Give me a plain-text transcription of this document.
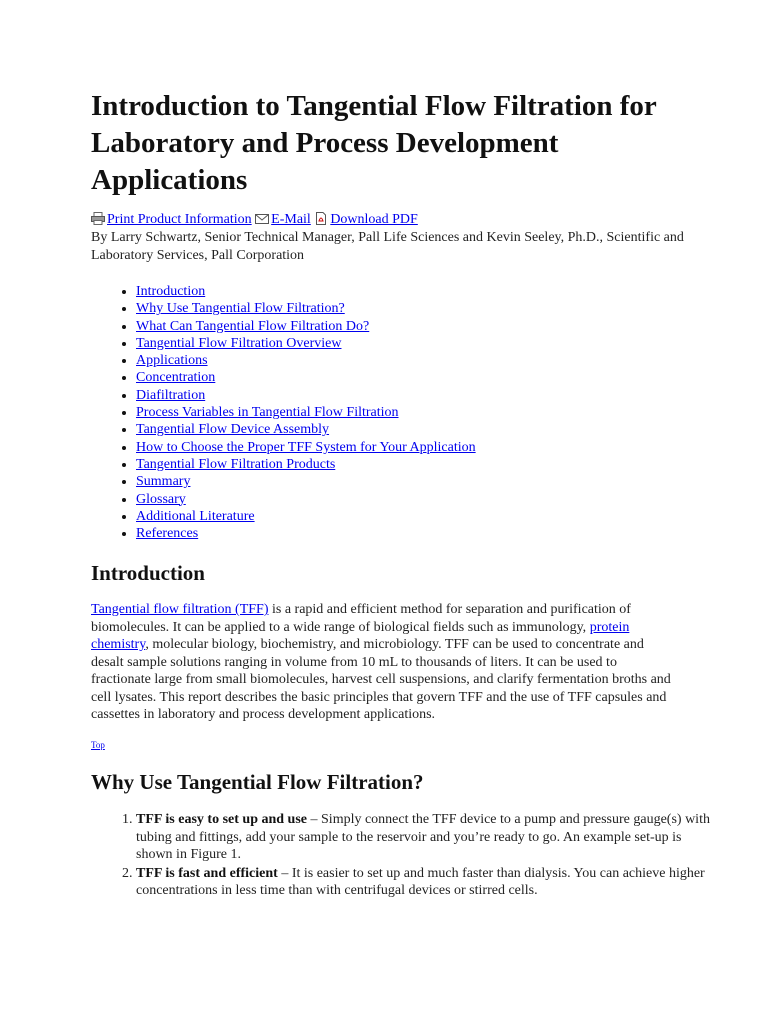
Introduction to Tangential Flow Filtration for Laboratory and Process Development Applications
Print Product Information E-Mail Download PDF

By Larry Schwartz, Senior Technical Manager, Pall Life Sciences and Kevin Seeley, Ph.D., Scientific and Laboratory Services, Pall Corporation

• Introduction
• Why Use Tangential Flow Filtration?
• What Can Tangential Flow Filtration Do?
• Tangential Flow Filtration Overview
• Applications
• Concentration
• Diafiltration
• Process Variables in Tangential Flow Filtration
• Tangential Flow Device Assembly
• How to Choose the Proper TFF System for Your Application
• Tangential Flow Filtration Products
• Summary
• Glossary
• Additional Literature
• References
Introduction

Tangential flow filtration (TFF) is a rapid and efficient method for separation and purification of biomolecules. It can be applied to a wide range of biological fields such as immunology, protein chemistry, molecular biology, biochemistry, and microbiology. TFF can be used to concentrate and desalt sample solutions ranging in volume from 10 mL to thousands of liters. It can be used to fractionate large from small biomolecules, harvest cell suspensions, and clarify fermentation broths and cell lysates. This report describes the basic principles that govern TFF and the use of TFF capsules and cassettes in laboratory and process development applications.

Top
Why Use Tangential Flow Filtration?
1. TFF is easy to set up and use – Simply connect the TFF device to a pump and pressure gauge(s) with tubing and fittings, add your sample to the reservoir and you’re ready to go. An example set-up is shown in Figure 1.
2. TFF is fast and efficient – It is easier to set up and much faster than dialysis. You can achieve higher concentrations in less time than with centrifugal devices or stirred cells.
